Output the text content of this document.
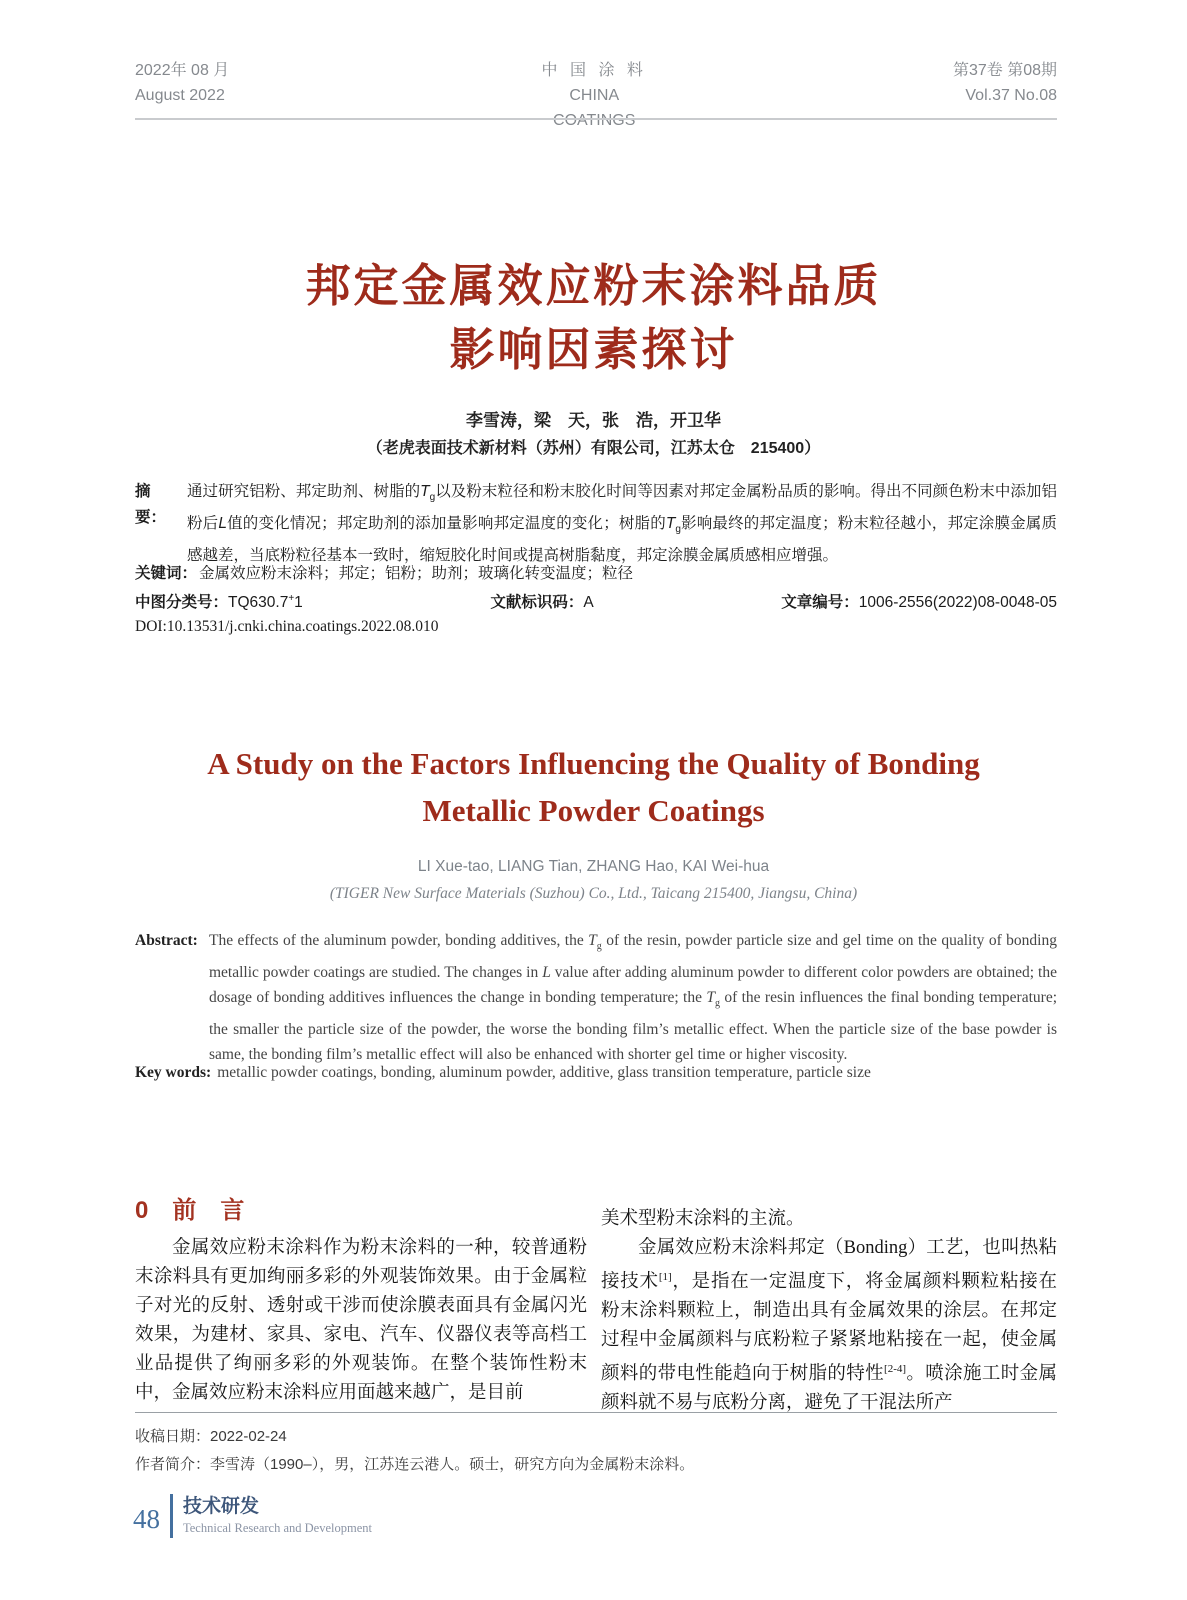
2022年 08 月
August 2022
中 国 涂 料
CHINA COATINGS
第37卷 第08期
Vol.37 No.08
邦定金属效应粉末涂料品质
影响因素探讨
李雪涛，梁　天，张　浩，开卫华
（老虎表面技术新材料（苏州）有限公司，江苏太仓　215400）
摘　要：
通过研究铝粉、邦定助剂、树脂的$T_g$以及粉末粒径和粉末胶化时间等因素对邦定金属粉品质的影响。得出不同颜色粉末中添加铝粉后L值的变化情况；邦定助剂的添加量影响邦定温度的变化；树脂的$T_g$影响最终的邦定温度；粉末粒径越小，邦定涂膜金属质感越差，当底粉粒径基本一致时，缩短胶化时间或提高树脂黏度，邦定涂膜金属质感相应增强。
关键词： 金属效应粉末涂料；邦定；铝粉；助剂；玻璃化转变温度；粒径
中图分类号：TQ630.7+1	文献标识码：A	文章编号：1006-2556(2022)08-0048-05
DOI:10.13531/j.cnki.china.coatings.2022.08.010
A Study on the Factors Influencing the Quality of Bonding
Metallic Powder Coatings
LI Xue-tao, LIANG Tian, ZHANG Hao, KAI Wei-hua
(TIGER New Surface Materials (Suzhou) Co., Ltd., Taicang 215400, Jiangsu, China)
Abstract: The effects of the aluminum powder, bonding additives, the $T_g$ of the resin, powder particle size and gel time on the quality of bonding metallic powder coatings are studied. The changes in L value after adding aluminum powder to different color powders are obtained; the dosage of bonding additives influences the change in bonding temperature; the $T_g$ of the resin influences the final bonding temperature; the smaller the particle size of the powder, the worse the bonding film’s metallic effect. When the particle size of the base powder is same, the bonding film’s metallic effect will also be enhanced with shorter gel time or higher viscosity.
Key words: metallic powder coatings, bonding, aluminum powder, additive, glass transition temperature, particle size
0　前　言

金属效应粉末涂料作为粉末涂料的一种，较普通粉末涂料具有更加绚丽多彩的外观装饰效果。由于金属粒子对光的反射、透射或干涉而使涂膜表面具有金属闪光效果，为建材、家具、家电、汽车、仪器仪表等高档工业品提供了绚丽多彩的外观装饰。在整个装饰性粉末中，金属效应粉末涂料应用面越来越广，是目前

美术型粉末涂料的主流。

金属效应粉末涂料邦定（Bonding）工艺，也叫热粘接技术[1]，是指在一定温度下，将金属颜料颗粒粘接在粉末涂料颗粒上，制造出具有金属效果的涂层。在邦定过程中金属颜料与底粉粒子紧紧地粘接在一起，使金属颜料的带电性能趋向于树脂的特性[2-4]。喷涂施工时金属颜料就不易与底粉分离，避免了干混法所产

收稿日期：2022-02-24
作者简介：李雪涛（1990–），男，江苏连云港人。硕士，研究方向为金属粉末涂料。
48 技术研发
Technical Research and Development
